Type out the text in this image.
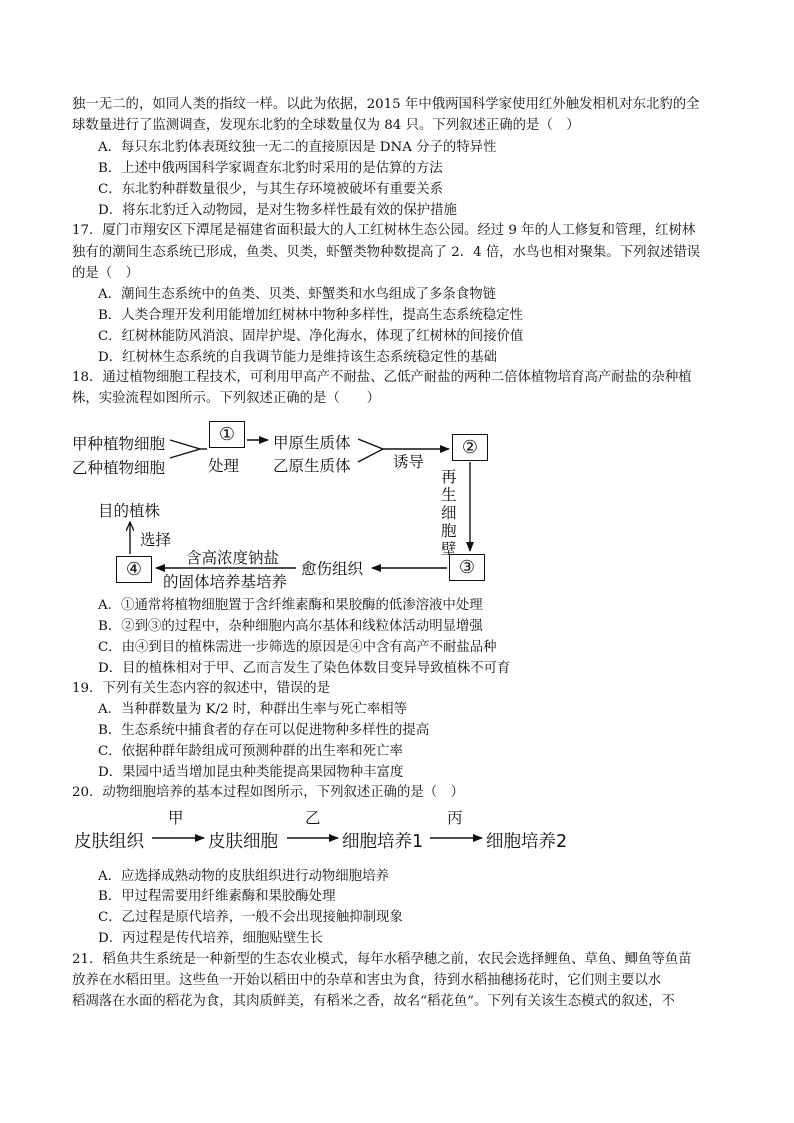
独一无二的，如同人类的指纹一样。以此为依据，2015 年中俄两国科学家使用红外触发相机对东北豹的全
球数量进行了监测调查，发现东北豹的全球数量仅为 84 只。下列叙述正确的是（　）
A．每只东北豹体表斑纹独一无二的直接原因是 DNA 分子的特异性
B．上述中俄两国科学家调查东北豹时采用的是估算的方法
C．东北豹种群数量很少，与其生存环境被破坏有重要关系
D．将东北豹迁入动物园，是对生物多样性最有效的保护措施
17．厦门市翔安区下潭尾是福建省面积最大的人工红树林生态公园。经过 9 年的人工修复和管理，红树林
独有的潮间生态系统已形成，鱼类、贝类，虾蟹类物种数提高了 2．4 倍，水鸟也相对聚集。下列叙述错误
的是（　）
A．潮间生态系统中的鱼类、贝类、虾蟹类和水鸟组成了多条食物链
B．人类合理开发利用能增加红树林中物种多样性，提高生态系统稳定性
C．红树林能防风消浪、固岸护堤、净化海水，体现了红树林的间接价值
D．红树林生态系统的自我调节能力是维持该生态系统稳定性的基础
18．通过植物细胞工程技术，可利用甲高产不耐盐、乙低产耐盐的两种二倍体植物培育高产耐盐的杂种植
株，实验流程如图所示。下列叙述正确的是（　　）
甲种植物细胞
乙种植物细胞
①
处理
甲原生质体
乙原生质体	诱导
②
再
生
细
胞
壁
③
愈伤组织
含高浓度钠盐
的固体培养基培养
④
选择
目的植株
A．①通常将植物细胞置于含纤维素酶和果胶酶的低渗溶液中处理
B．②到③的过程中，杂种细胞内高尔基体和线粒体活动明显增强
C．由④到目的植株需进一步筛选的原因是④中含有高产不耐盐品种
D．目的植株相对于甲、乙而言发生了染色体数目变异导致植株不可育
19．下列有关生态内容的叙述中，错误的是
A．当种群数量为 K/2 时，种群出生率与死亡率相等
B．生态系统中捕食者的存在可以促进物种多样性的提高
C．依据种群年龄组成可预测种群的出生率和死亡率
D．果园中适当增加昆虫种类能提高果园物种丰富度
20．动物细胞培养的基本过程如图所示，下列叙述正确的是（　）
皮肤组织
甲
皮肤细胞
乙
细胞培养1
丙
细胞培养2
A．应选择成熟动物的皮肤组织进行动物细胞培养
B．甲过程需要用纤维素酶和果胶酶处理
C．乙过程是原代培养，一般不会出现接触抑制现象
D．丙过程是传代培养，细胞贴壁生长
21．稻鱼共生系统是一种新型的生态农业模式，每年水稻孕穗之前，农民会选择鲤鱼、草鱼、鲫鱼等鱼苗
放养在水稻田里。这些鱼一开始以稻田中的杂草和害虫为食，待到水稻抽穗扬花时，它们则主要以水
稻凋落在水面的稻花为食，其肉质鲜美，有稻米之香，故名“稻花鱼”。下列有关该生态模式的叙述，不
